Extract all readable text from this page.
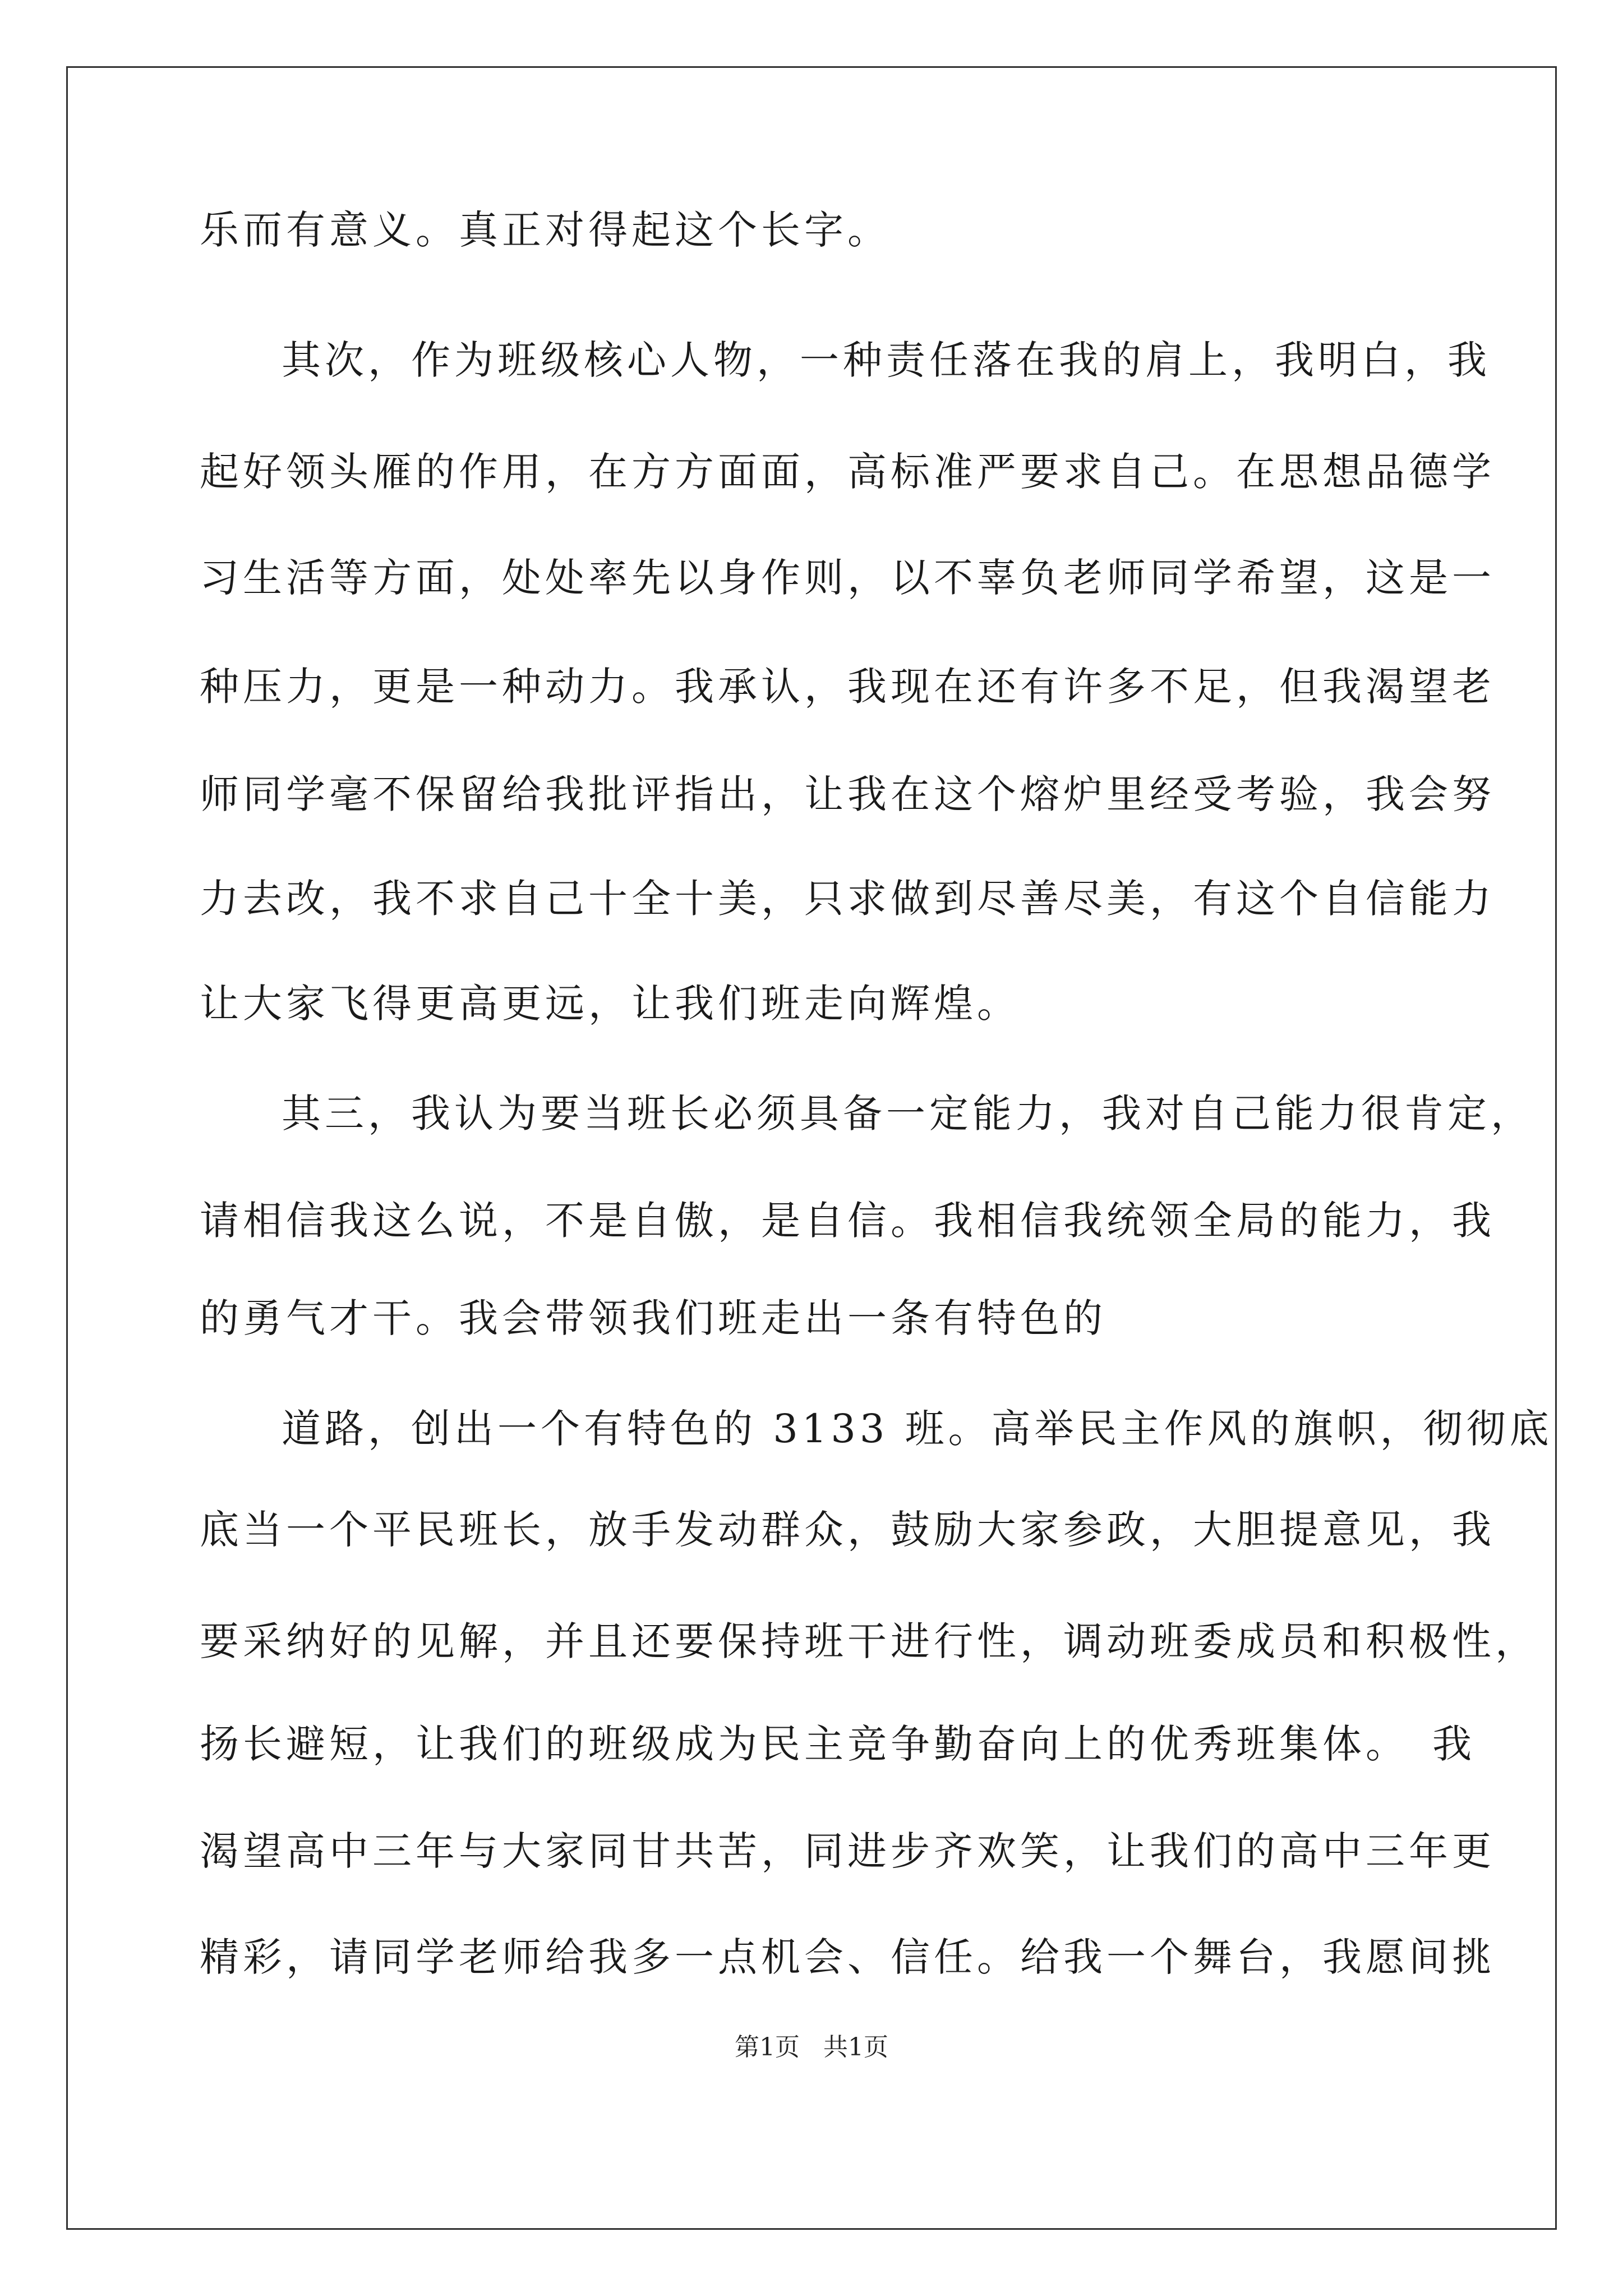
乐而有意义。真正对得起这个长字。
其次，作为班级核心人物，一种责任落在我的肩上，我明白，我
起好领头雁的作用，在方方面面，高标准严要求自己。在思想品德学
习生活等方面，处处率先以身作则，以不辜负老师同学希望，这是一
种压力，更是一种动力。我承认，我现在还有许多不足，但我渴望老
师同学毫不保留给我批评指出，让我在这个熔炉里经受考验，我会努
力去改，我不求自己十全十美，只求做到尽善尽美，有这个自信能力
让大家飞得更高更远，让我们班走向辉煌。
其三，我认为要当班长必须具备一定能力，我对自己能力很肯定，
请相信我这么说，不是自傲，是自信。我相信我统领全局的能力，我
的勇气才干。我会带领我们班走出一条有特色的
道路，创出一个有特色的 3133 班。高举民主作风的旗帜，彻彻底
底当一个平民班长，放手发动群众，鼓励大家参政，大胆提意见，我
要采纳好的见解，并且还要保持班干进行性，调动班委成员和积极性，
扬长避短，让我们的班级成为民主竞争勤奋向上的优秀班集体。　我
渴望高中三年与大家同甘共苦，同进步齐欢笑，让我们的高中三年更
精彩，请同学老师给我多一点机会、信任。给我一个舞台，我愿间挑
第1页 共1页
